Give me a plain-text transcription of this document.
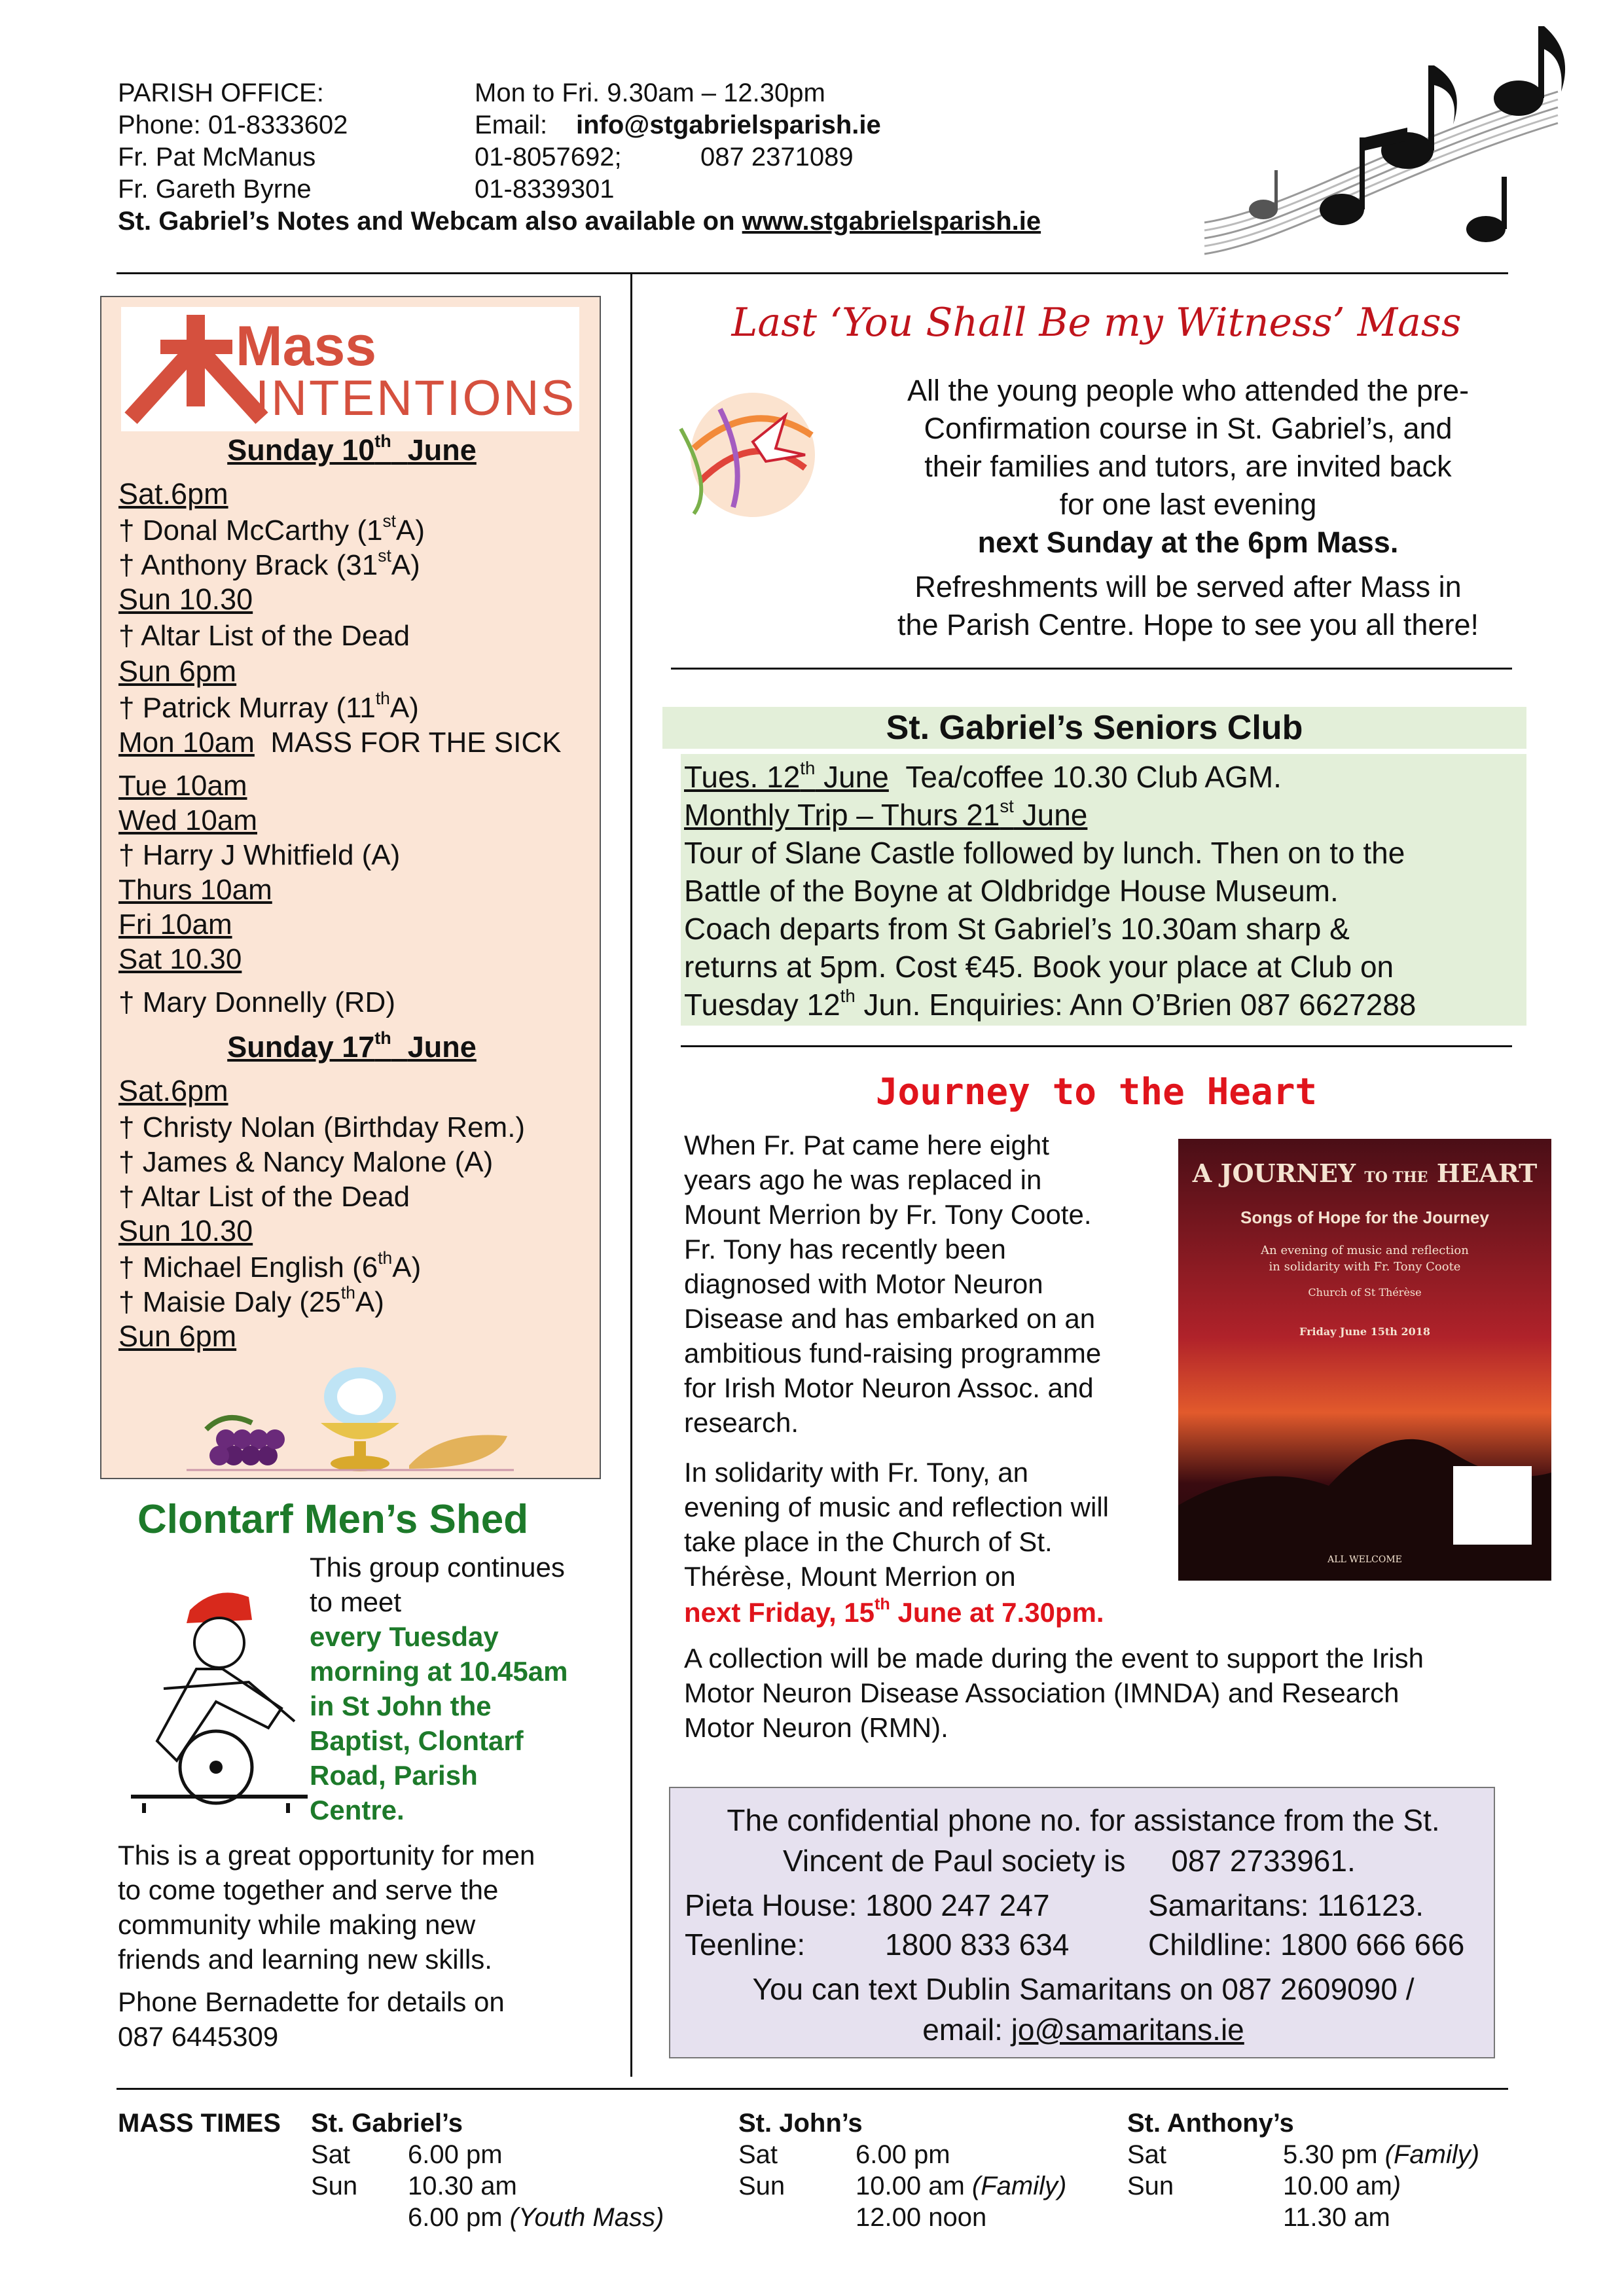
PARISH OFFICE:	Mon to Fri. 9.30am – 12.30pm
Phone: 01-8333602	Email: info@stgabrielsparish.ie
Fr. Pat McManus	01-8057692;	087 2371089
Fr. Gareth Byrne	01-8339301
St. Gabriel’s Notes and Webcam also available on www.stgabrielsparish.ie
Mass
INTENTIONS
Sunday 10th June
Sat.6pm
† Donal McCarthy (1stA)
† Anthony Brack (31stA)
Sun 10.30
† Altar List of the Dead
Sun 6pm
† Patrick Murray (11thA)
Mon 10am MASS FOR THE SICK
Tue 10am
Wed 10am
† Harry J Whitfield (A)
Thurs 10am
Fri 10am
Sat 10.30
† Mary Donnelly (RD)
Sunday 17th June
Sat.6pm
† Christy Nolan (Birthday Rem.)
† James & Nancy Malone (A)
† Altar List of the Dead
Sun 10.30
† Michael English (6thA)
† Maisie Daly (25thA)
Sun 6pm
Clontarf Men’s Shed
This group continues
to meet
every Tuesday
morning at 10.45am
in St John the
Baptist, Clontarf
Road, Parish
Centre.
This is a great opportunity for men
to come together and serve the
community while making new
friends and learning new skills.
Phone Bernadette for details on
087 6445309
Last ‘You Shall Be my Witness’ Mass
All the young people who attended the pre-
Confirmation course in St. Gabriel’s, and
their families and tutors, are invited back
for one last evening
next Sunday at the 6pm Mass.
Refreshments will be served after Mass in
the Parish Centre. Hope to see you all there!
St. Gabriel’s Seniors Club
Tues. 12th June Tea/coffee 10.30 Club AGM.
Monthly Trip – Thurs 21st June
Tour of Slane Castle followed by lunch. Then on to the
Battle of the Boyne at Oldbridge House Museum.
Coach departs from St Gabriel’s 10.30am sharp &
returns at 5pm. Cost €45. Book your place at Club on
Tuesday 12th Jun. Enquiries: Ann O’Brien 087 6627288
Journey to the Heart
When Fr. Pat came here eight
years ago he was replaced in
Mount Merrion by Fr. Tony Coote.
Fr. Tony has recently been
diagnosed with Motor Neuron
Disease and has embarked on an
ambitious fund-raising programme
for Irish Motor Neuron Assoc. and
research.
In solidarity with Fr. Tony, an
evening of music and reflection will
take place in the Church of St.
Thérèse, Mount Merrion on
next Friday, 15th June at 7.30pm.
A collection will be made during the event to support the Irish
Motor Neuron Disease Association (IMNDA) and Research
Motor Neuron (RMN).
A JOURNEY TO THE HEART
Songs of Hope for the Journey
An evening of music and reflection
in solidarity with Fr. Tony Coote
Church of St Thérèse
Friday June 15th 2018
ALL WELCOME
The confidential phone no. for assistance from the St.
Vincent de Paul society is 087 2733961.
Pieta House: 1800 247 247	Samaritans: 116123.
Teenline:	1800 833 634	Childline: 1800 666 666
You can text Dublin Samaritans on 087 2609090 /
email: jo@samaritans.ie
MASS TIMES St. Gabriel’s
Sat 6.00 pm
Sun 10.30 am
6.00 pm (Youth Mass)
St. John’s
Sat	6.00 pm
Sun	10.00 am (Family)
12.00 noon
St. Anthony’s
Sat	5.30 pm (Family)
Sun	10.00 am)
11.30 am
